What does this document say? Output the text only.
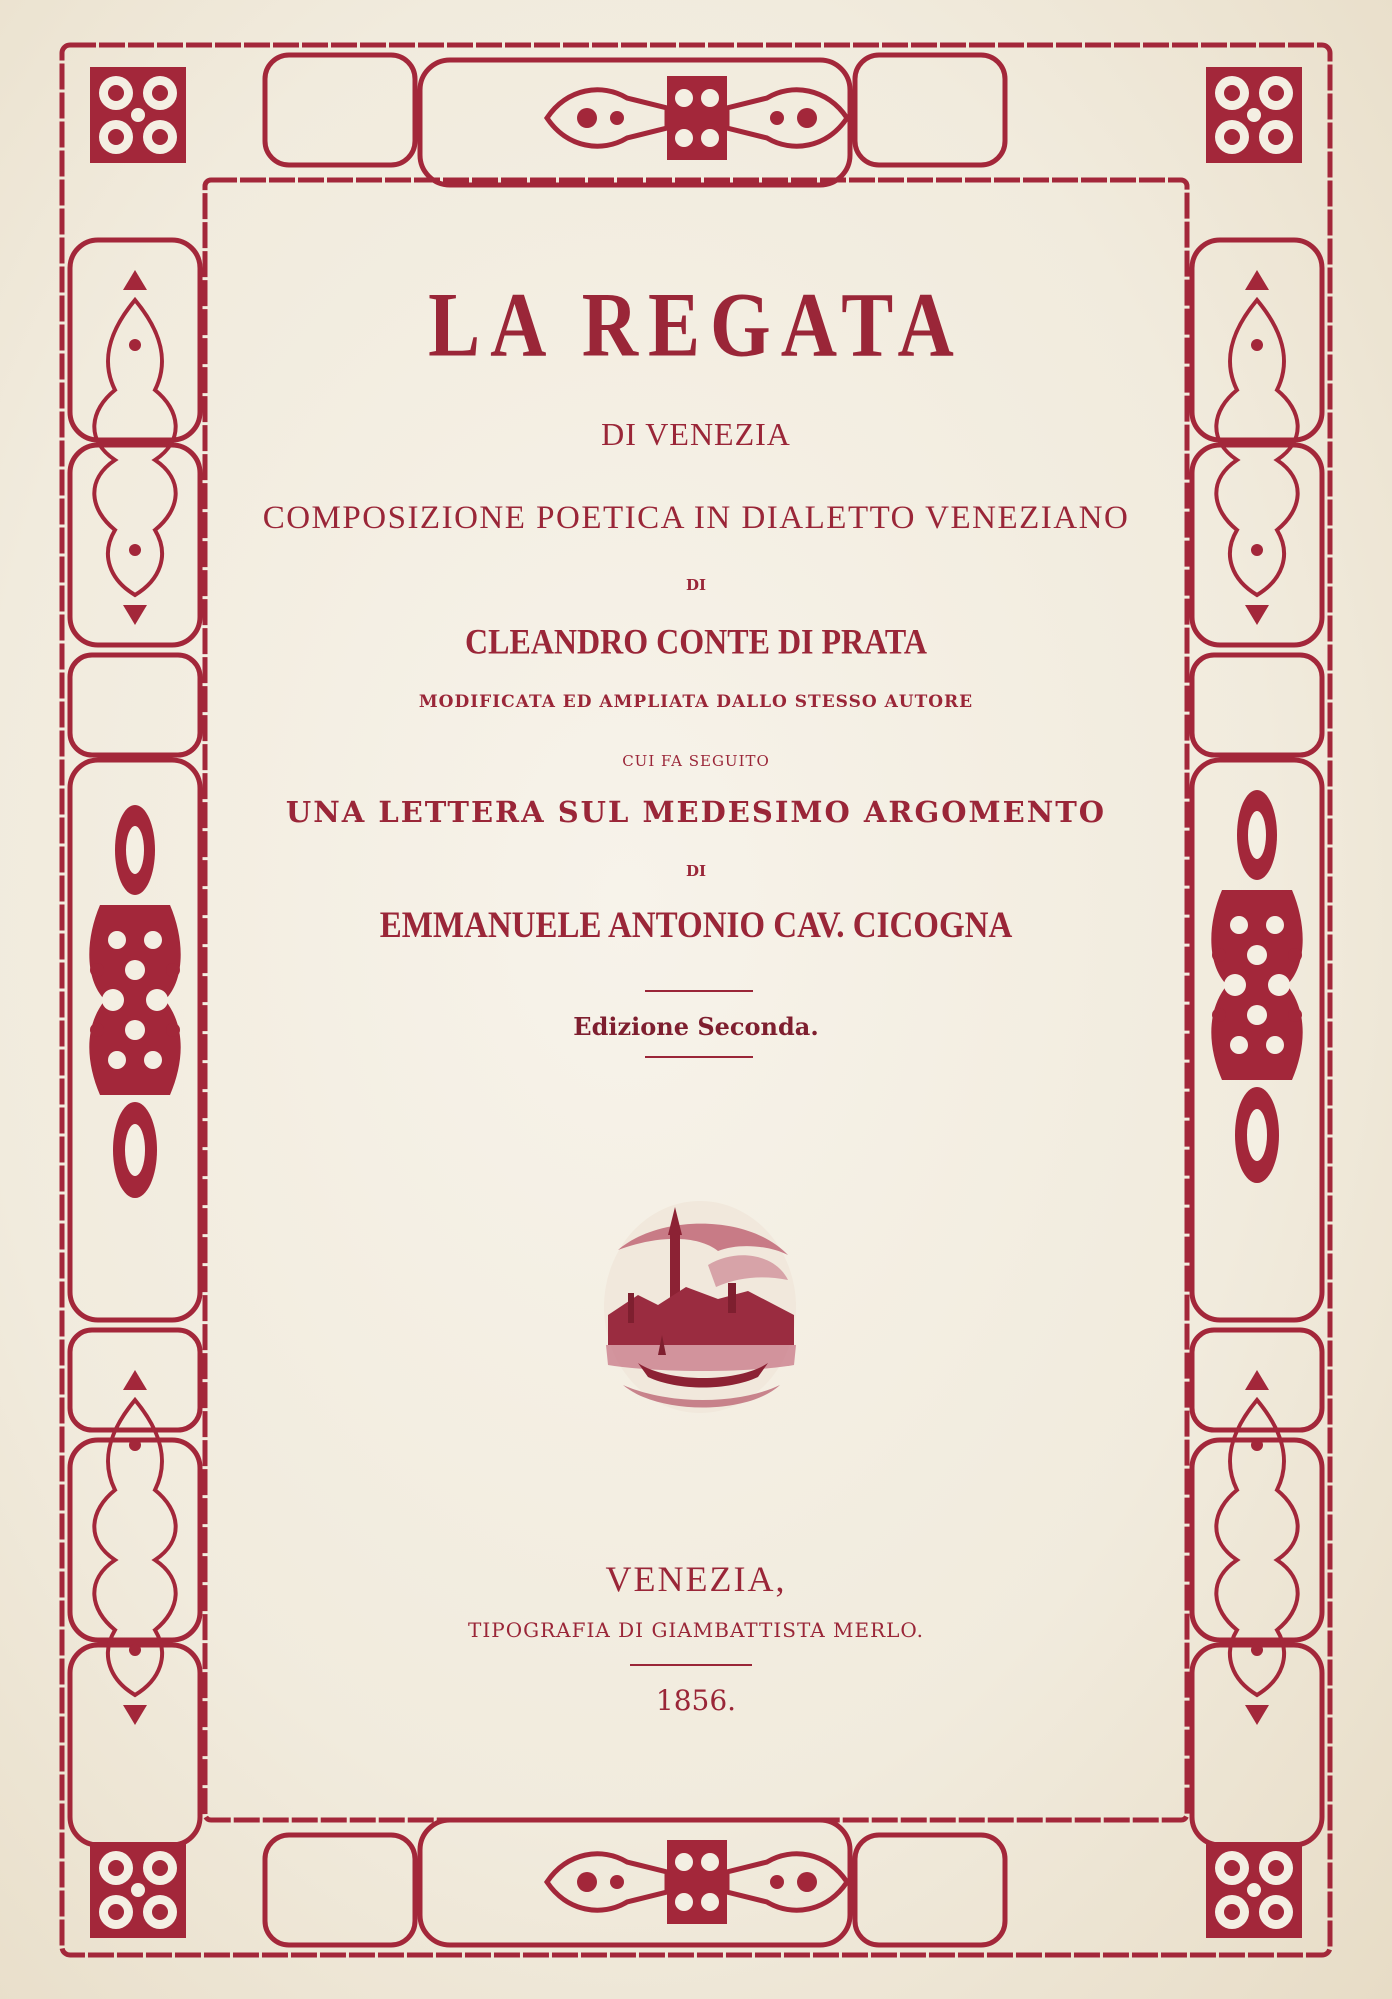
LA REGATA
DI VENEZIA
COMPOSIZIONE POETICA IN DIALETTO VENEZIANO
DI
CLEANDRO CONTE DI PRATA
MODIFICATA ED AMPLIATA DALLO STESSO AUTORE
CUI FA SEGUITO
UNA LETTERA SUL MEDESIMO ARGOMENTO
DI
EMMANUELE ANTONIO CAV. CICOGNA
Edizione Seconda.
VENEZIA,
TIPOGRAFIA DI GIAMBATTISTA MERLO.
1856.
